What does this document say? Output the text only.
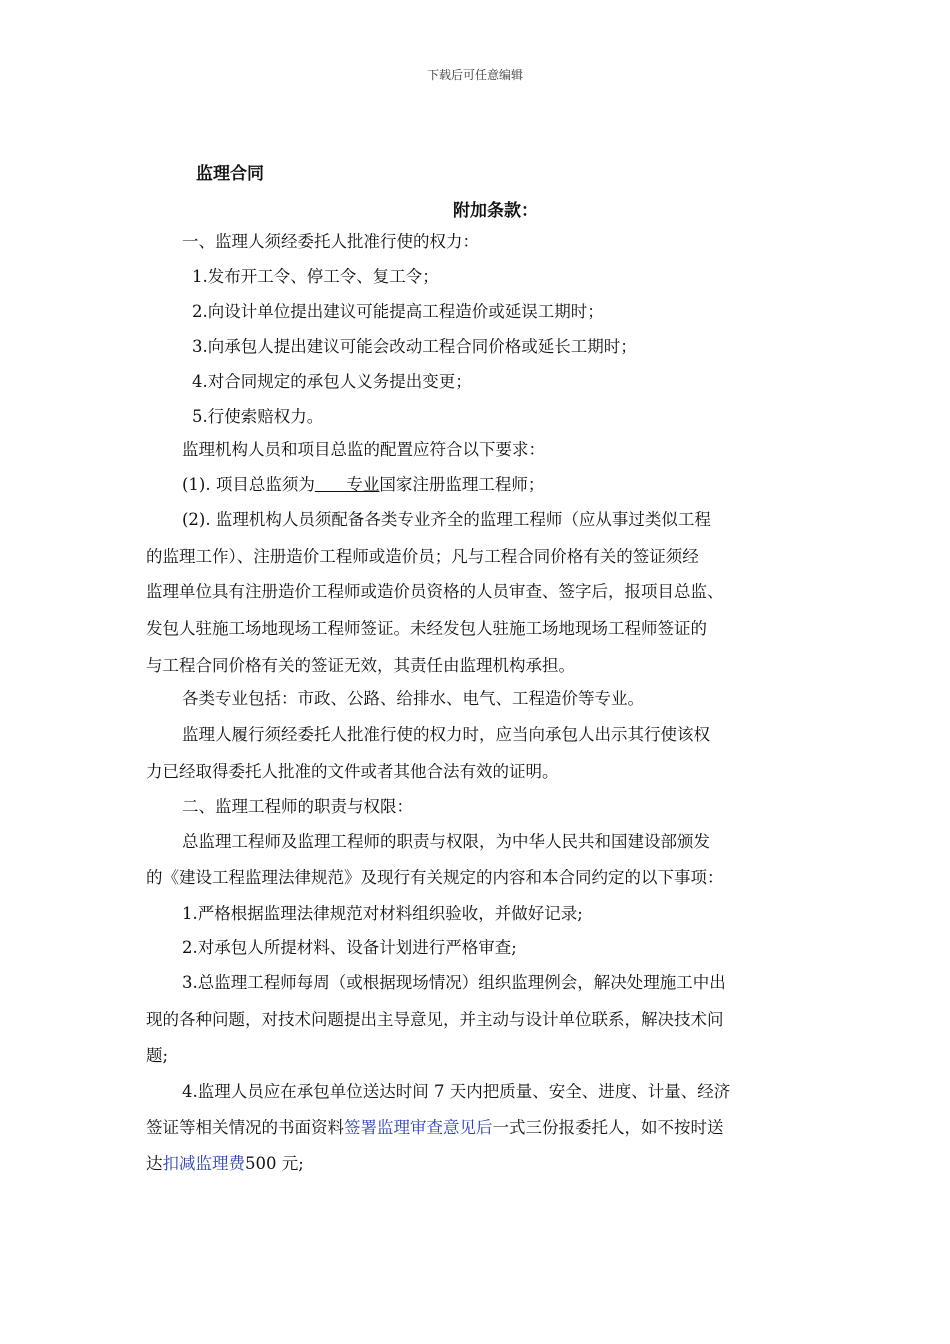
下载后可任意编辑
监理合同
附加条款：
一、监理人须经委托人批准行使的权力：
1.发布开工令、停工令、复工令；
2.向设计单位提出建议可能提高工程造价或延误工期时；
3.向承包人提出建议可能会改动工程合同价格或延长工期时；
4.对合同规定的承包人义务提出变更；
5.行使索赔权力。
监理机构人员和项目总监的配置应符合以下要求：
(1). 项目总监须为      专业国家注册监理工程师；
(2). 监理机构人员须配备各类专业齐全的监理工程师（应从事过类似工程
的监理工作）、注册造价工程师或造价员；凡与工程合同价格有关的签证须经
监理单位具有注册造价工程师或造价员资格的人员审查、签字后，报项目总监、
发包人驻施工场地现场工程师签证。未经发包人驻施工场地现场工程师签证的
与工程合同价格有关的签证无效，其责任由监理机构承担。
各类专业包括：市政、公路、给排水、电气、工程造价等专业。
监理人履行须经委托人批准行使的权力时，应当向承包人出示其行使该权
力已经取得委托人批准的文件或者其他合法有效的证明。
二、监理工程师的职责与权限：
总监理工程师及监理工程师的职责与权限，为中华人民共和国建设部颁发
的《建设工程监理法律规范》及现行有关规定的内容和本合同约定的以下事项：
1.严格根据监理法律规范对材料组织验收，并做好记录;
2.对承包人所提材料、设备计划进行严格审查;
3.总监理工程师每周（或根据现场情况）组织监理例会，解决处理施工中出
现的各种问题，对技术问题提出主导意见，并主动与设计单位联系，解决技术问
题;
4.监理人员应在承包单位送达时间 7 天内把质量、安全、进度、计量、经济
签证等相关情况的书面资料签署监理审查意见后一式三份报委托人，如不按时送
达扣减监理费500 元;
